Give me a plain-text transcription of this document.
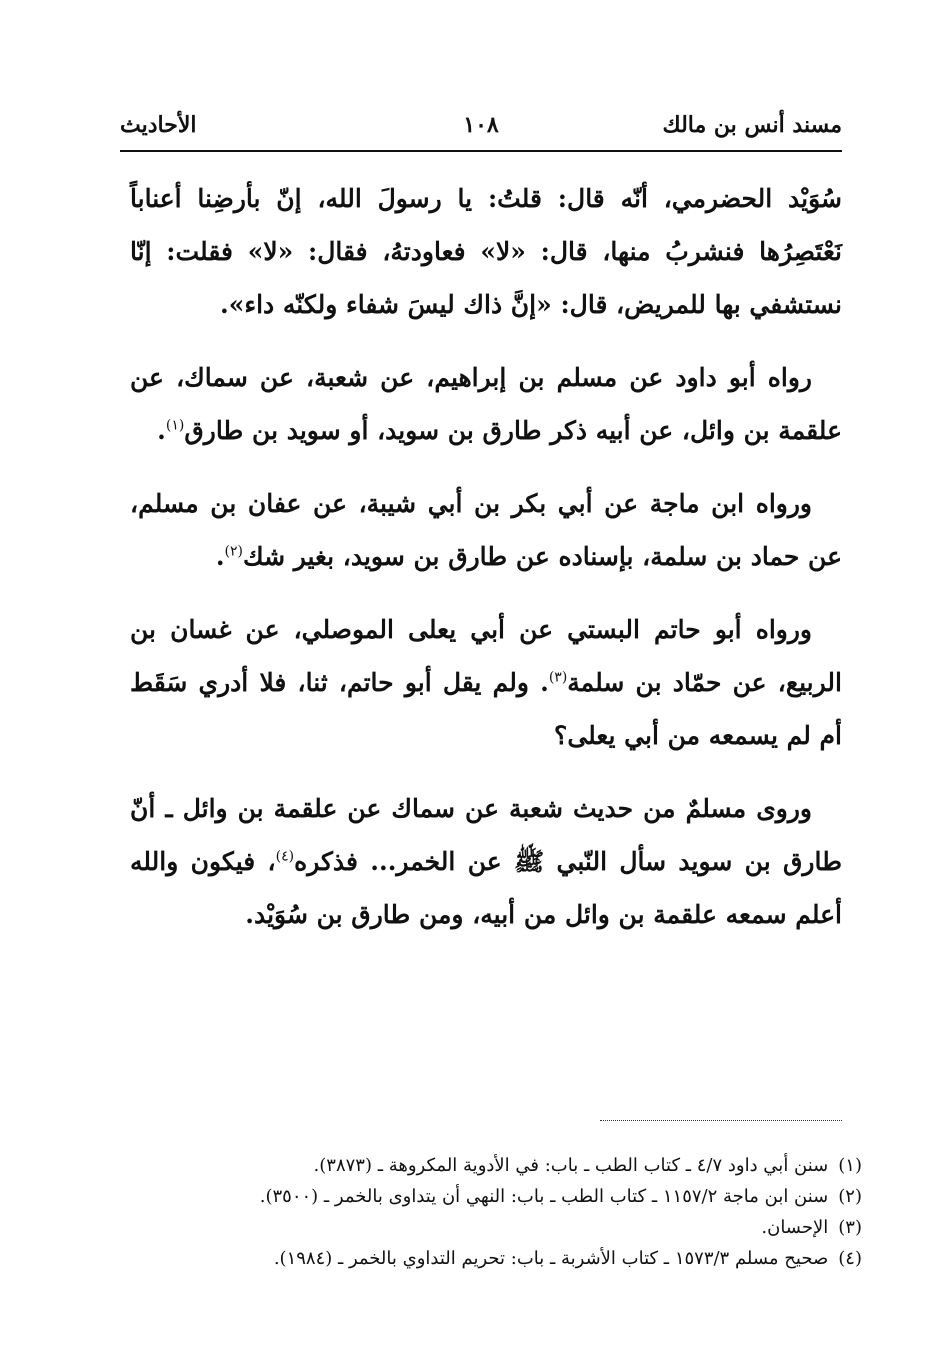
مسند أنس بن مالك
١٠٨
الأحاديث

سُوَيْد الحضرمي، أنّه قال: قلتُ: يا رسولَ الله، إنّ بأرضِنا أعناباً نَعْتَصِرُها فنشربُ منها، قال: «لا» فعاودتهُ، فقال: «لا» فقلت: إنّا نستشفي بها للمريض، قال: «إنَّ ذاك ليسَ شفاء ولكنّه داء».

رواه أبو داود عن مسلم بن إبراهيم، عن شعبة، عن سماك، عن علقمة بن وائل، عن أبيه ذكر طارق بن سويد، أو سويد بن طارق$^{(١)}$.

ورواه ابن ماجة عن أبي بكر بن أبي شيبة، عن عفان بن مسلم، عن حماد بن سلمة، بإسناده عن طارق بن سويد، بغير شك$^{(٢)}$.

ورواه أبو حاتم البستي عن أبي يعلى الموصلي، عن غسان بن الربيع، عن حمّاد بن سلمة$^{(٣)}$. ولم يقل أبو حاتم، ثنا، فلا أدري سَقَط أم لم يسمعه من أبي يعلى؟

وروى مسلمٌ من حديث شعبة عن سماك عن علقمة بن وائل ـ أنّ طارق بن سويد سأل النّبي ﷺ عن الخمر... فذكره$^{(٤)}$، فيكون والله أعلم سمعه علقمة بن وائل من أبيه، ومن طارق بن سُوَيْد.

(١)سنن أبي داود ٤/٧ ـ كتاب الطب ـ باب: في الأدوية المكروهة ـ (٣٨٧٣).

(٢)سنن ابن ماجة ١١٥٧/٢ ـ كتاب الطب ـ باب: النهي أن يتداوى بالخمر ـ (٣٥٠٠).

(٣)الإحسان.

(٤)صحيح مسلم ١٥٧٣/٣ ـ كتاب الأشربة ـ باب: تحريم التداوي بالخمر ـ (١٩٨٤).
